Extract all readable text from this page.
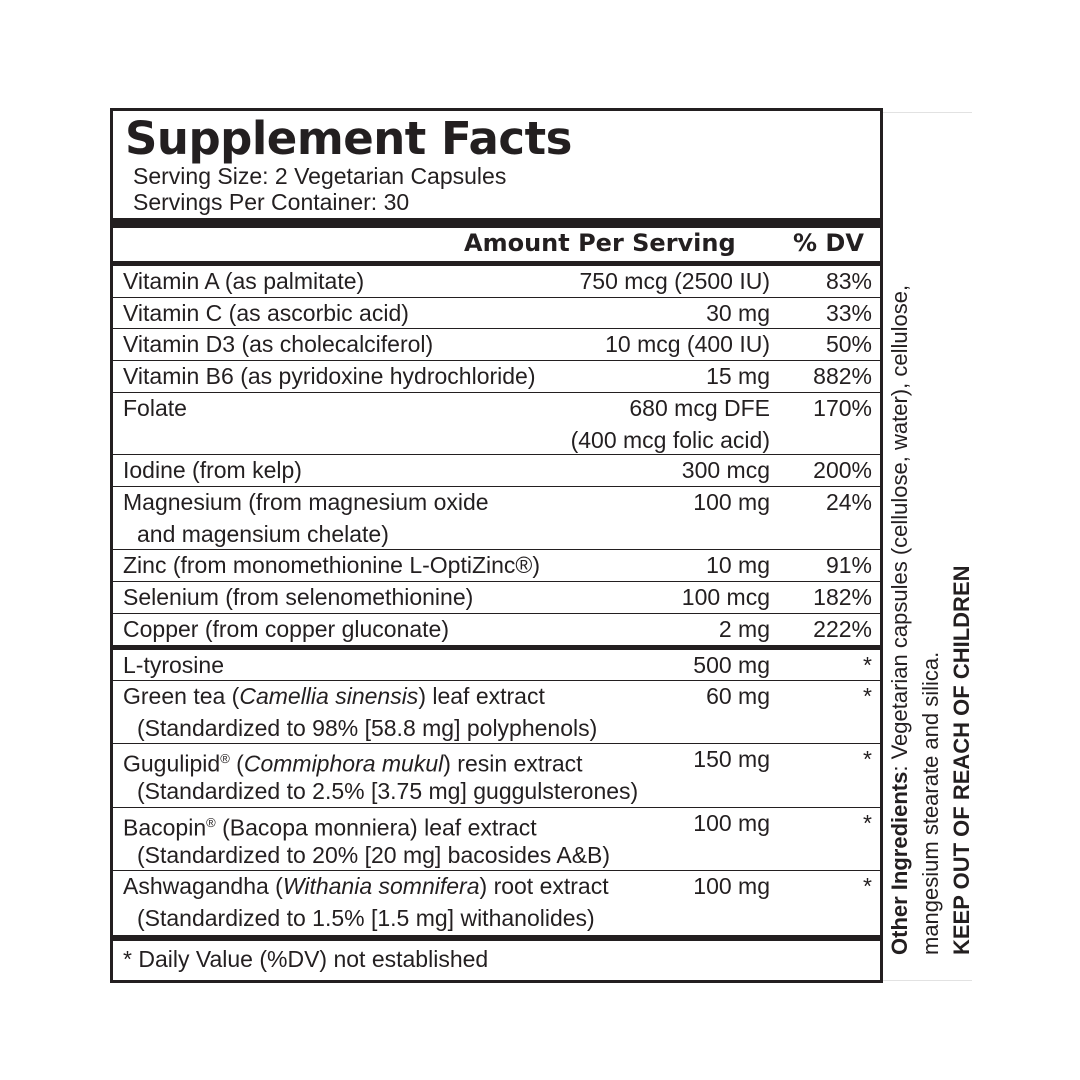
Supplement Facts
Serving Size: 2 Vegetarian Capsules
Servings Per Container: 30
Amount Per Serving % DV
Vitamin A (as palmitate)	750 mcg (2500 IU) 83%
Vitamin C (as ascorbic acid)	30 mg 33%
Vitamin D3 (as cholecalciferol)	10 mcg (400 IU) 50%
Vitamin B6 (as pyridoxine hydrochloride)	15 mg 882%
Folate	680 mcg DFE
(400 mcg folic acid)
170%
Iodine (from kelp)	300 mcg 200%
Magnesium (from magnesium oxide
and magensium chelate)
100 mg 24%
Zinc (from monomethionine L-OptiZinc®)	10 mg 91%
Selenium (from selenomethionine)	100 mcg 182%
Copper (from copper gluconate)	2 mg 222%
L-tyrosine	500 mg	*
Green tea (Camellia sinensis) leaf extract
(Standardized to 98% [58.8 mg] polyphenols)
60 mg	*
Gugulipid® (Commiphora mukul) resin extract
(Standardized to 2.5% [3.75 mg] guggulsterones)
150 mg	*
Bacopin® (Bacopa monniera) leaf extract
(Standardized to 20% [20 mg] bacosides A&B)
100 mg	*
Ashwagandha (Withania somnifera) root extract
(Standardized to 1.5% [1.5 mg] withanolides)
100 mg	*
* Daily Value (%DV) not established
Other Ingredients: Vegetarian capsules (cellulose, water), cellulose,
mangesium stearate and silica. KEEP OUT OF REACH OF CHILDREN
